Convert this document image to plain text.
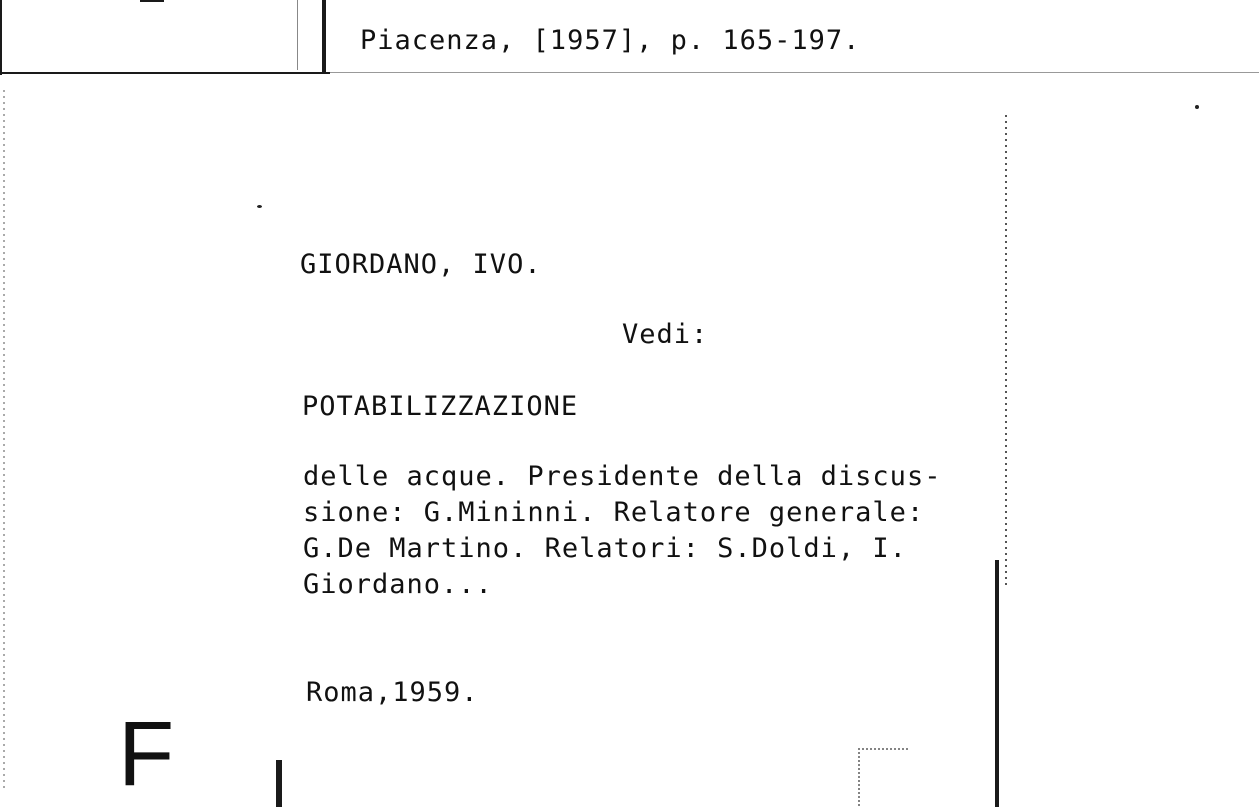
Piacenza, [1957], p. 165-197.
GIORDANO, IVO.
Vedi:
POTABILIZZAZIONE
delle acque. Presidente della discus-
sione: G.Mininni. Relatore generale:
G.De Martino. Relatori: S.Doldi, I.
Giordano...
Roma,1959.
F
